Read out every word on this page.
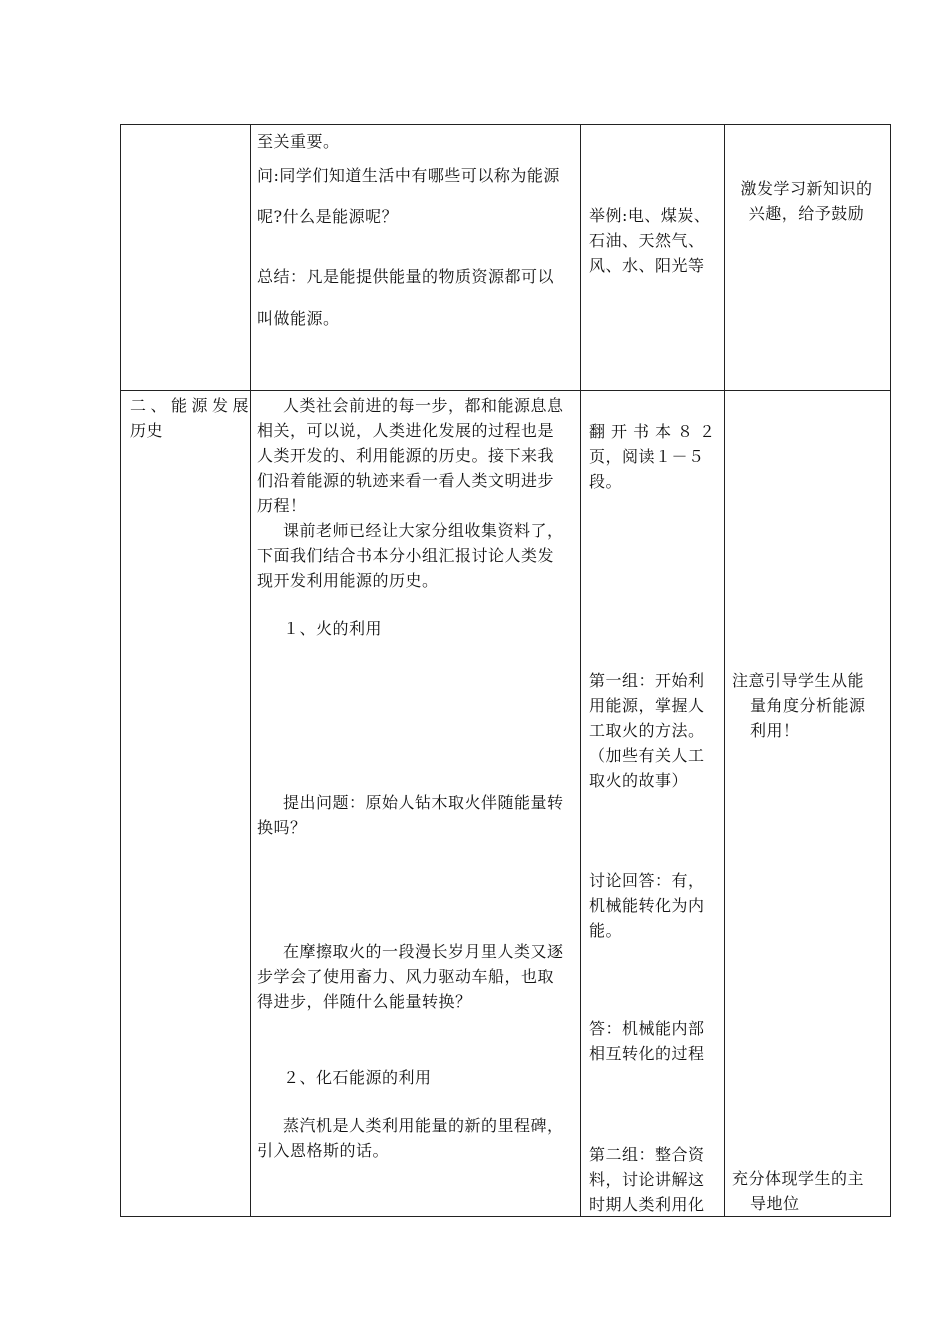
至关重要。
问:同学们知道生活中有哪些可以称为能源
呢?什么是能源呢？
总结：凡是能提供能量的物质资源都可以
叫做能源。
举例:电、煤炭、
石油、天然气、
风、水、阳光等
激发学习新知识的
兴趣，给予鼓励
二、能源发展
历史
人类社会前进的每一步，都和能源息息
相关，可以说，人类进化发展的过程也是
人类开发的、利用能源的历史。接下来我
们沿着能源的轨迹来看一看人类文明进步
历程！
课前老师已经让大家分组收集资料了，
下面我们结合书本分小组汇报讨论人类发
现开发利用能源的历史。
１、火的利用
提出问题：原始人钻木取火伴随能量转
换吗？
在摩擦取火的一段漫长岁月里人类又逐
步学会了使用畜力、风力驱动车船，也取
得进步，伴随什么能量转换？
２、化石能源的利用
蒸汽机是人类利用能量的新的里程碑，
引入恩格斯的话。
翻开书本８２
页，阅读１－５
段。
第一组：开始利
用能源，掌握人
工取火的方法。
（加些有关人工
取火的故事）
讨论回答：有，
机械能转化为内
能。
答：机械能内部
相互转化的过程
第二组：整合资
料，讨论讲解这
时期人类利用化
注意引导学生从能
量角度分析能源
利用！
充分体现学生的主
导地位
